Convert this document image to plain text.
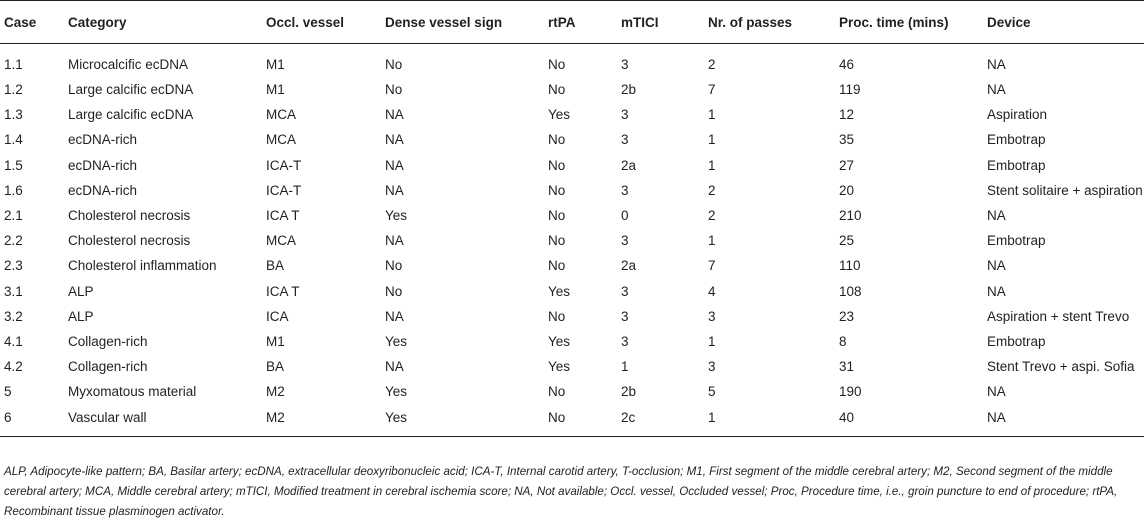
Case	Category	Occl. vessel	Dense vessel sign	rtPA	mTICI	Nr. of passes	Proc. time (mins)	Device
1.1	Microcalcific ecDNA	M1	No	No	3	2	46	NA
1.2	Large calcific ecDNA	M1	No	No	2b	7	119	NA
1.3	Large calcific ecDNA	MCA	NA	Yes	3	1	12	Aspiration
1.4	ecDNA-rich	MCA	NA	No	3	1	35	Embotrap
1.5	ecDNA-rich	ICA-T	NA	No	2a	1	27	Embotrap
1.6	ecDNA-rich	ICA-T	NA	No	3	2	20	Stent solitaire + aspiration
2.1	Cholesterol necrosis	ICA T	Yes	No	0	2	210	NA
2.2	Cholesterol necrosis	MCA	NA	No	3	1	25	Embotrap
2.3	Cholesterol inflammation	BA	No	No	2a	7	110	NA
3.1	ALP	ICA T	No	Yes	3	4	108	NA
3.2	ALP	ICA	NA	No	3	3	23	Aspiration + stent Trevo
4.1	Collagen-rich	M1	Yes	Yes	3	1	8	Embotrap
4.2	Collagen-rich	BA	NA	Yes	1	3	31	Stent Trevo + aspi. Sofia
5	Myxomatous material	M2	Yes	No	2b	5	190	NA
6	Vascular wall	M2	Yes	No	2c	1	40	NA
ALP, Adipocyte-like pattern; BA, Basilar artery; ecDNA, extracellular deoxyribonucleic acid; ICA-T, Internal carotid artery, T-occlusion; M1, First segment of the middle cerebral artery; M2, Second segment of the middle cerebral artery; MCA, Middle cerebral artery; mTICI, Modified treatment in cerebral ischemia score; NA, Not available; Occl. vessel, Occluded vessel; Proc, Procedure time, i.e., groin puncture to end of procedure; rtPA, Recombinant tissue plasminogen activator.
